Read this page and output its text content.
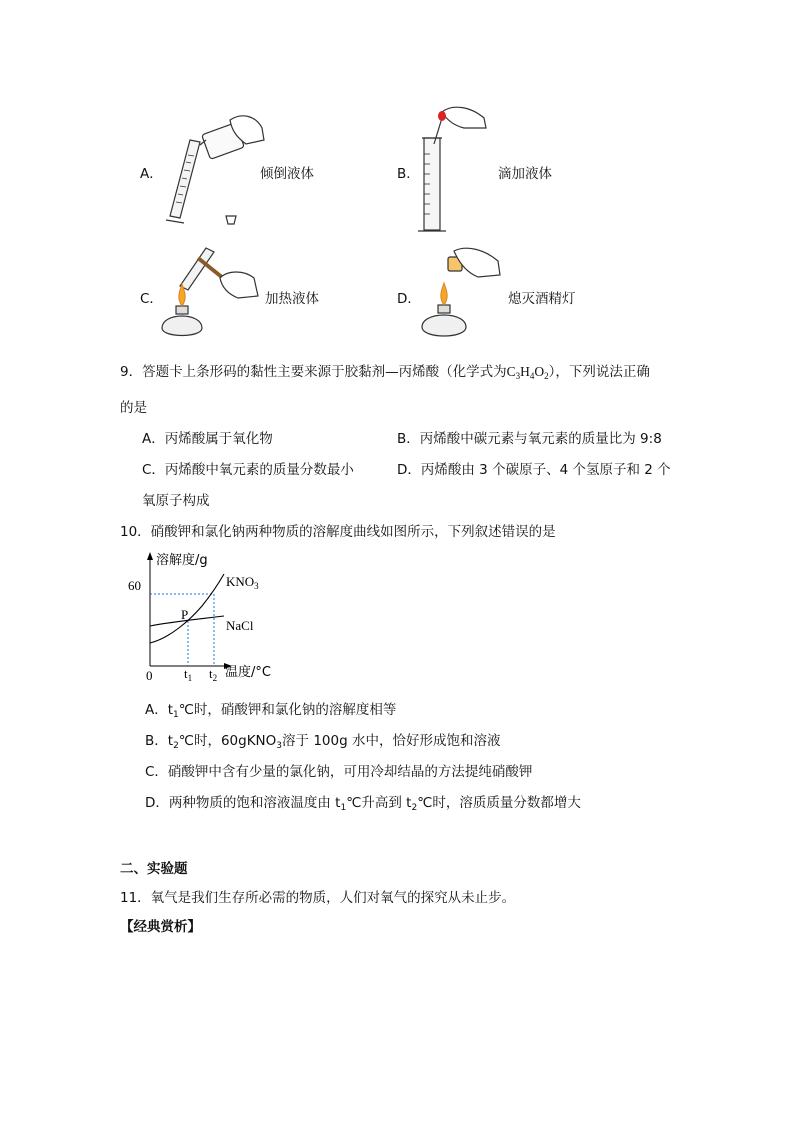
A．	倾倒液体	B．	滴加液体
C．	加热液体	D．	熄灭酒精灯
9．答题卡上条形码的黏性主要来源于胶黏剂—丙烯酸（化学式为$C_3H_4O_2$），下列说法正确
的是
A．丙烯酸属于氧化物	B．丙烯酸中碳元素与氧元素的质量比为 9:8
C．丙烯酸中氧元素的质量分数最小	D．丙烯酸由 3 个碳原子、4 个氢原子和 2 个
氧原子构成
10．硝酸钾和氯化钠两种物质的溶解度曲线如图所示，下列叙述错误的是
溶解度/g
60
0
P
$KNO_3$
NaCl
$t_1$ $t_2$ 温度/°C
A．$t_1℃$时，硝酸钾和氯化钠的溶解度相等
B．$t_2℃$时，60gKNO$_3$溶于 100g 水中，恰好形成饱和溶液
C．硝酸钾中含有少量的氯化钠，可用冷却结晶的方法提纯硝酸钾
D．两种物质的饱和溶液温度由 $t_1℃$升高到 $t_2℃$时，溶质质量分数都增大
二、实验题
11．氧气是我们生存所必需的物质，人们对氧气的探究从未止步。
【经典赏析】
